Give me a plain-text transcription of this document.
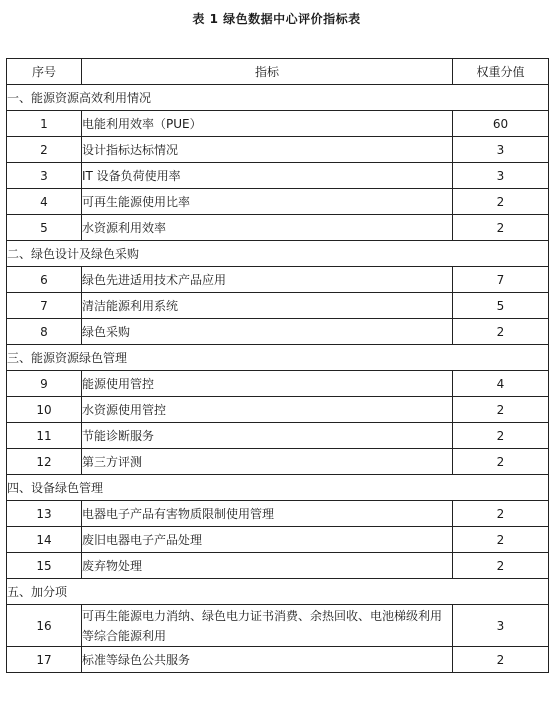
表 1 绿色数据中心评价指标表
序号	指标	权重分值
一、能源资源高效利用情况		
1	电能利用效率（PUE）	60
2	设计指标达标情况	3
3	IT 设备负荷使用率	3
4	可再生能源使用比率	2
5	水资源利用效率	2
二、绿色设计及绿色采购		
6	绿色先进适用技术产品应用	7
7	清洁能源利用系统	5
8	绿色采购	2
三、能源资源绿色管理		
9	能源使用管控	4
10	水资源使用管控	2
11	节能诊断服务	2
12	第三方评测	2
四、设备绿色管理		
13	电器电子产品有害物质限制使用管理	2
14	废旧电器电子产品处理	2
15	废弃物处理	2
五、加分项		
16	可再生能源电力消纳、绿色电力证书消费、余热回收、电池梯级利用等综合能源利用	3
17	标准等绿色公共服务	2
